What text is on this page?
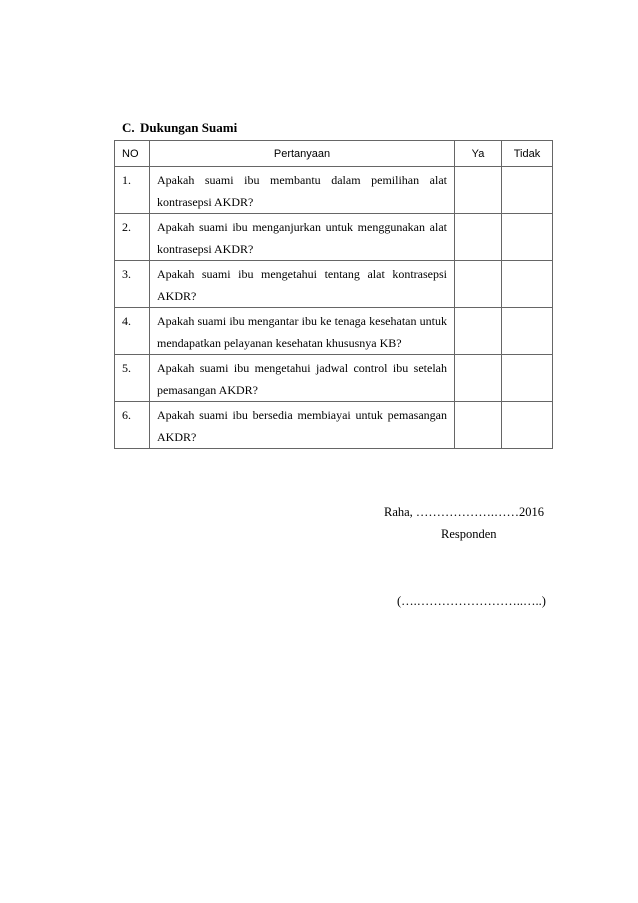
C. Dukungan Suami
NO	Pertanyaan	Ya	Tidak
1.	Apakah suami ibu membantu dalam pemilihan alat kontrasepsi AKDR?		
2.	Apakah suami ibu menganjurkan untuk menggunakan alat kontrasepsi AKDR?		
3.	Apakah suami ibu mengetahui tentang alat kontrasepsi AKDR?		
4.	Apakah suami ibu mengantar ibu ke tenaga kesehatan untuk mendapatkan pelayanan kesehatan khususnya KB?		
5.	Apakah suami ibu mengetahui jadwal control ibu setelah pemasangan AKDR?		
6.	Apakah suami ibu bersedia membiayai untuk pemasangan AKDR?		
Raha, ……………….……2016
Responden
(….……………………..…..)
